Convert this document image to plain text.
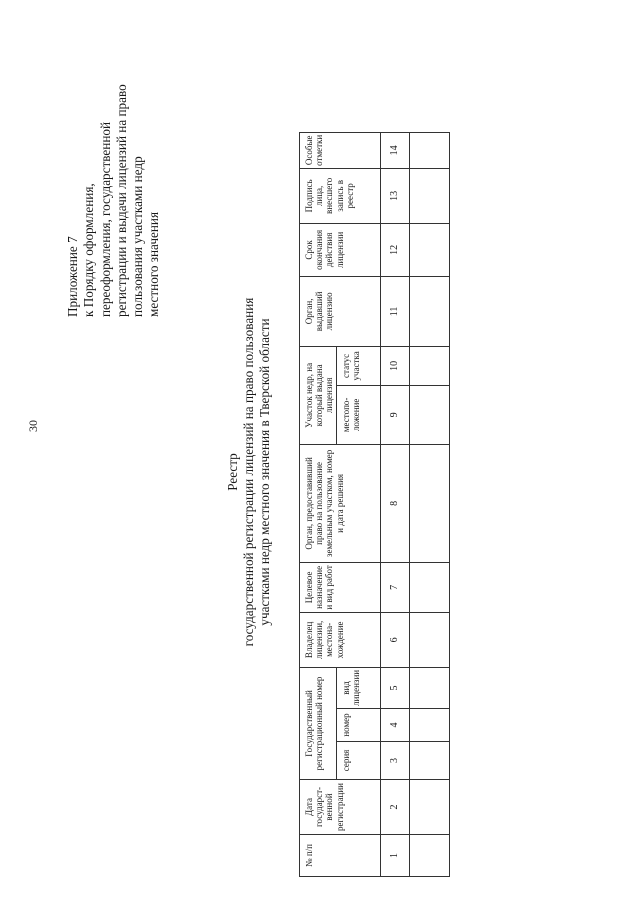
30
Приложение 7 к Порядку оформления, переоформления, государственной регистрации и выдачи лицензий на право пользования участками недр местного значения
Реестр государственной регистрации лицензий на право пользования участками недр местного значения в Тверской области
№ п/п	Дата государст-венной регистрации	Государственный регистрационный номер			Владелец лицензии, местона-хождение	Целевое назначение и вид работ	Орган, предоставивший право на пользование земельным участком, номер и дата решения	Участок недр, на который выдана лицензия		Орган, выдавший лицензию	Срок окончания действия лицензии	Подпись лица, внесшего запись в реестр	Особые отметки
		серия	номер	вид лицензии				местопо-ложение	статус участка				
1	2	3	4	5	6	7	8	9	10	11	12	13	14
